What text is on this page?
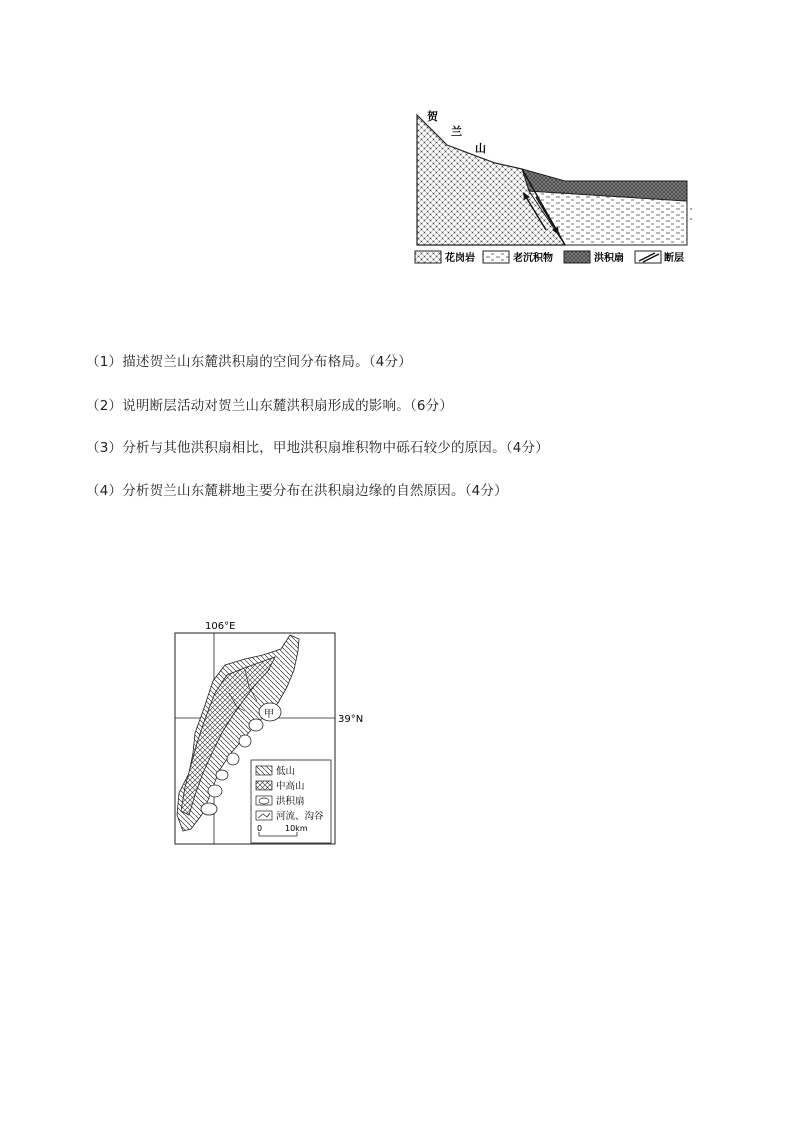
贺
兰
山
花岗岩	老沉积物	洪积扇	断层
（1）描述贺兰山东麓洪积扇的空间分布格局。（4分）
（2）说明断层活动对贺兰山东麓洪积扇形成的影响。（6分）
（3）分析与其他洪积扇相比，甲地洪积扇堆积物中砾石较少的原因。（4分）
（4）分析贺兰山东麓耕地主要分布在洪积扇边缘的自然原因。（4分）
106°E
39°N
甲
低山
中高山
洪积扇
河流、沟谷
0	10km
